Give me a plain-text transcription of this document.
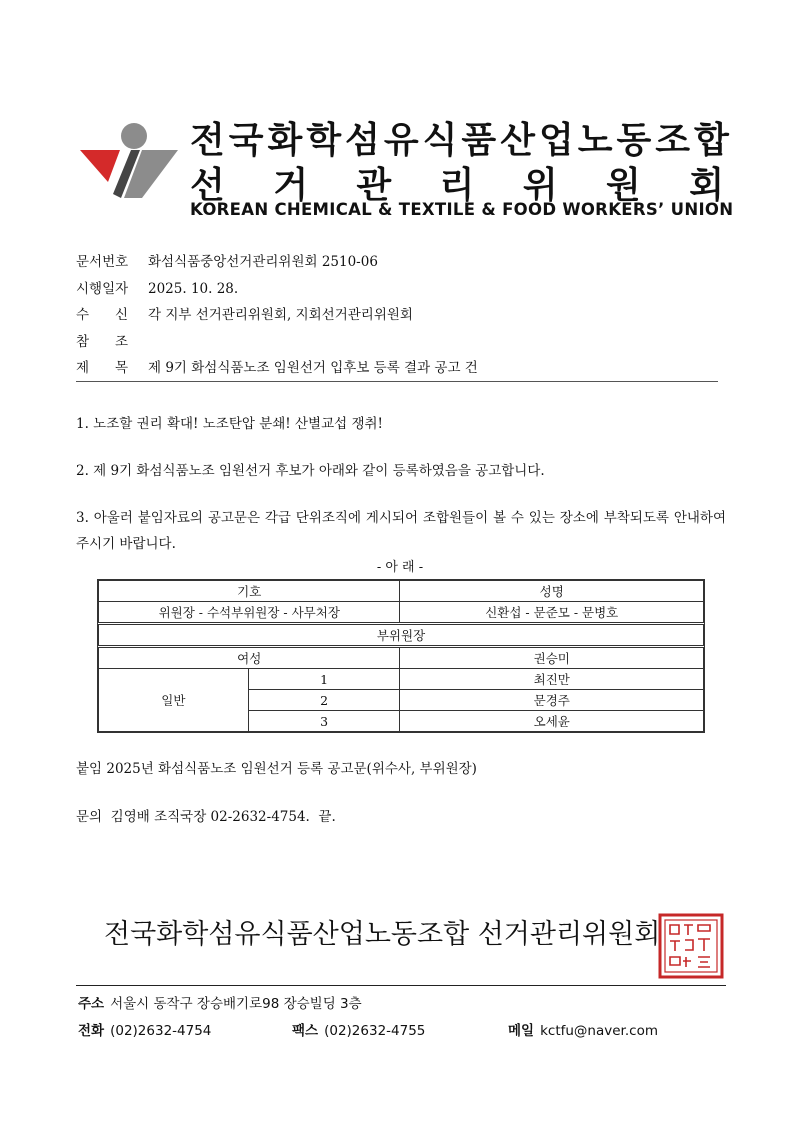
전국화학섬유식품산업노동조합
선 거 관 리 위 원 회
KOREAN CHEMICAL & TEXTILE & FOOD WORKERS’ UNION
문서번호 화섬식품중앙선거관리위원회 2510-06
시행일자 2025. 10. 28.
수 신 각 지부 선거관리위원회, 지회선거관리위원회
참 조
제 목 제 9기 화섬식품노조 임원선거 입후보 등록 결과 공고 건
1. 노조할 권리 확대! 노조탄압 분쇄! 산별교섭 쟁취!
2. 제 9기 화섬식품노조 임원선거 후보가 아래와 같이 등록하였음을 공고합니다.
3. 아울러 붙임자료의 공고문은 각급 단위조직에 게시되어 조합원들이 볼 수 있는 장소에 부착되도록 안내하여 주시기 바랍니다.
- 아 래 -
기호		성명
위원장 - 수석부위원장 - 사무처장		신환섭 - 문준모 - 문병호
부위원장		
여성		권승미
일반	1	최진만
	2	문경주
	3	오세윤
붙임 2025년 화섬식품노조 임원선거 등록 공고문(위수사, 부위원장)
문의  김영배 조직국장 02-2632-4754.  끝.
전국화학섬유식품산업노동조합 선거관리위원회
주소 서울시 동작구 장승배기로98 장승빌딩 3층
전화 (02)2632-4754	팩스 (02)2632-4755	메일 kctfu@naver.com
